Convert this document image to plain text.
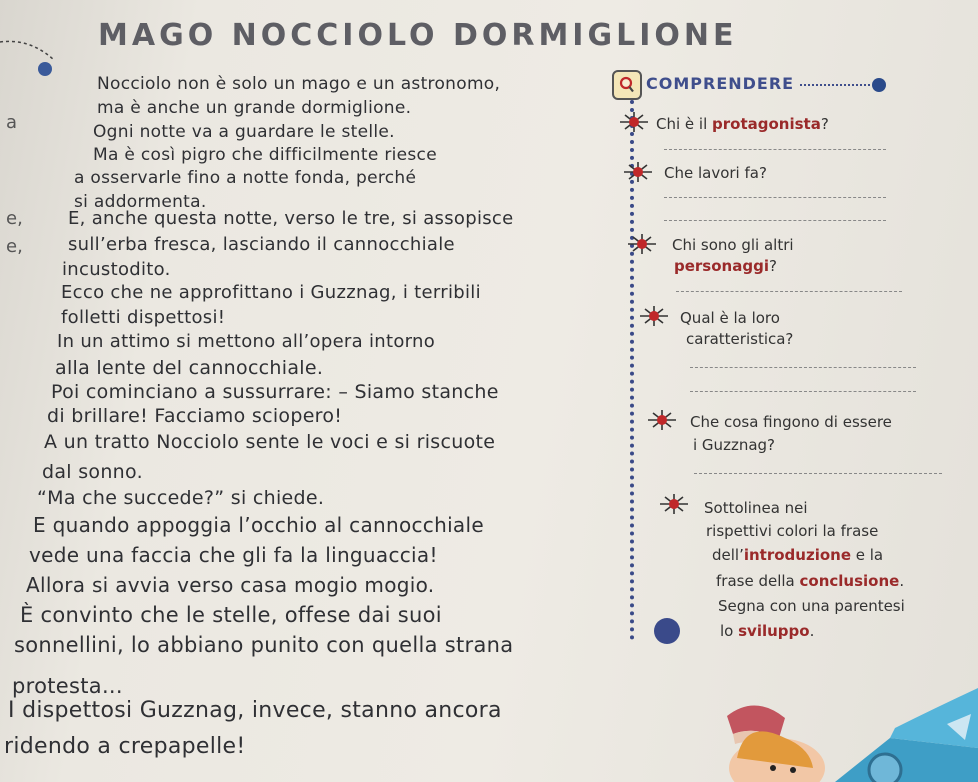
MAGO NOCCIOLO DORMIGLIONE
a
e,
e,
Nocciolo non è solo un mago e un astronomo,
ma è anche un grande dormiglione.
Ogni notte va a guardare le stelle.
Ma è così pigro che difficilmente riesce
a osservarle fino a notte fonda, perché
si addormenta.
E, anche questa notte, verso le tre, si assopisce
sull’erba fresca, lasciando il cannocchiale
incustodito.
Ecco che ne approfittano i Guzznag, i terribili
folletti dispettosi!
In un attimo si mettono all’opera intorno
alla lente del cannocchiale.
Poi cominciano a sussurrare: – Siamo stanche
di brillare! Facciamo sciopero!
A un tratto Nocciolo sente le voci e si riscuote
dal sonno.
“Ma che succede?” si chiede.
E quando appoggia l’occhio al cannocchiale
vede una faccia che gli fa la linguaccia!
Allora si avvia verso casa mogio mogio.
È convinto che le stelle, offese dai suoi
sonnellini, lo abbiano punito con quella strana
protesta...
I dispettosi Guzznag, invece, stanno ancora
ridendo a crepapelle!
COMPRENDERE
Chi è il protagonista?
Che lavori fa?
Chi sono gli altri
personaggi?
Qual è la loro
caratteristica?
Che cosa fingono di essere
i Guzznag?
Sottolinea nei
rispettivi colori la frase
dell’introduzione e la
frase della conclusione.
Segna con una parentesi
lo sviluppo.
